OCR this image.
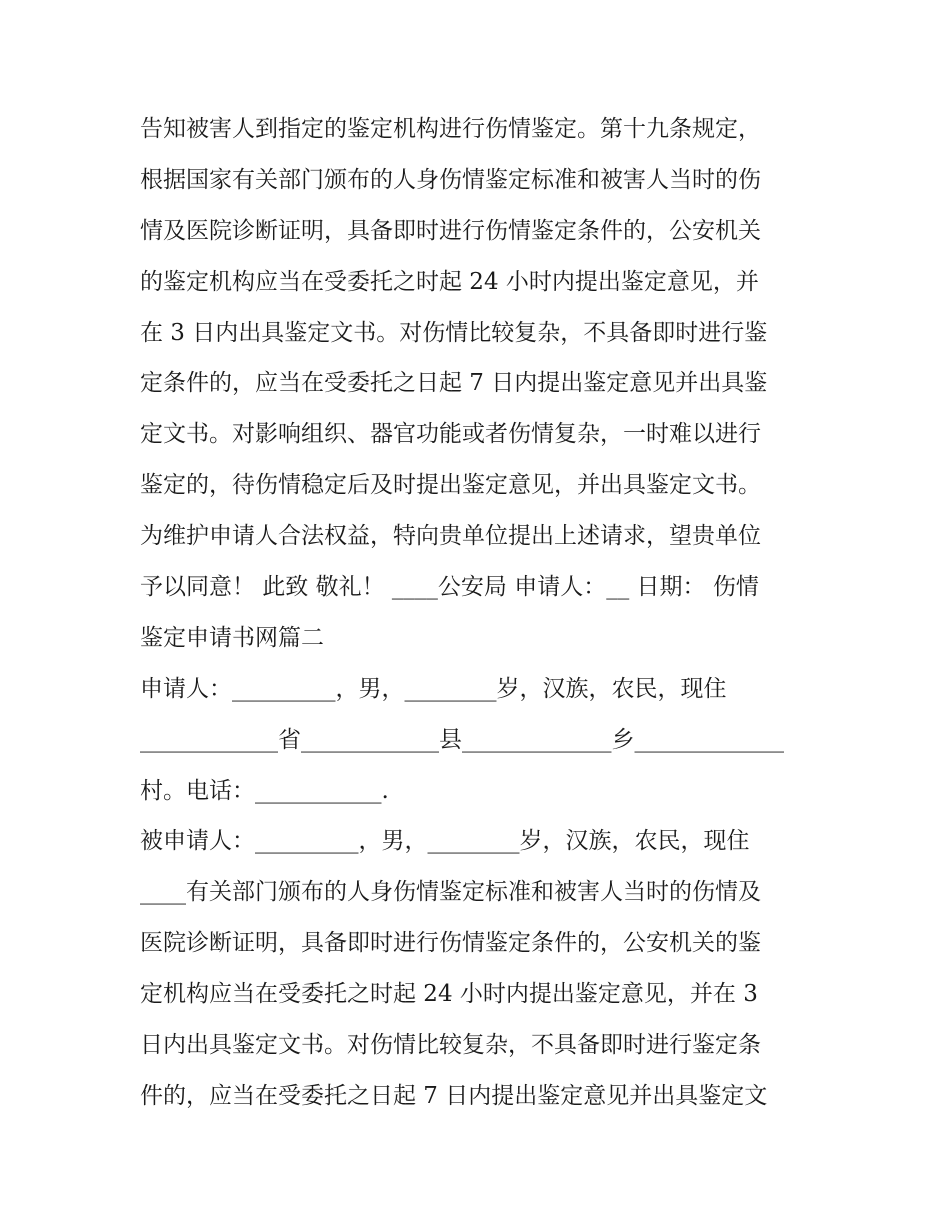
告知被害人到指定的鉴定机构进行伤情鉴定。第十九条规定，

根据国家有关部门颁布的人身伤情鉴定标准和被害人当时的伤

情及医院诊断证明，具备即时进行伤情鉴定条件的，公安机关

的鉴定机构应当在受委托之时起 24 小时内提出鉴定意见，并

在 3 日内出具鉴定文书。对伤情比较复杂，不具备即时进行鉴

定条件的，应当在受委托之日起 7 日内提出鉴定意见并出具鉴

定文书。对影响组织、器官功能或者伤情复杂，一时难以进行

鉴定的，待伤情稳定后及时提出鉴定意见，并出具鉴定文书。

为维护申请人合法权益，特向贵单位提出上述请求，望贵单位

予以同意！ 此致 敬礼！ ____公安局 申请人：__ 日期： 伤情

鉴定申请书网篇二

申请人：_________，男，________岁，汉族，农民，现住

____________省____________县_____________乡_____________

村。电话：___________.

被申请人：_________，男，________岁，汉族，农民，现住

____有关部门颁布的人身伤情鉴定标准和被害人当时的伤情及

医院诊断证明，具备即时进行伤情鉴定条件的，公安机关的鉴

定机构应当在受委托之时起 24 小时内提出鉴定意见，并在 3

日内出具鉴定文书。对伤情比较复杂，不具备即时进行鉴定条

件的，应当在受委托之日起 7 日内提出鉴定意见并出具鉴定文
